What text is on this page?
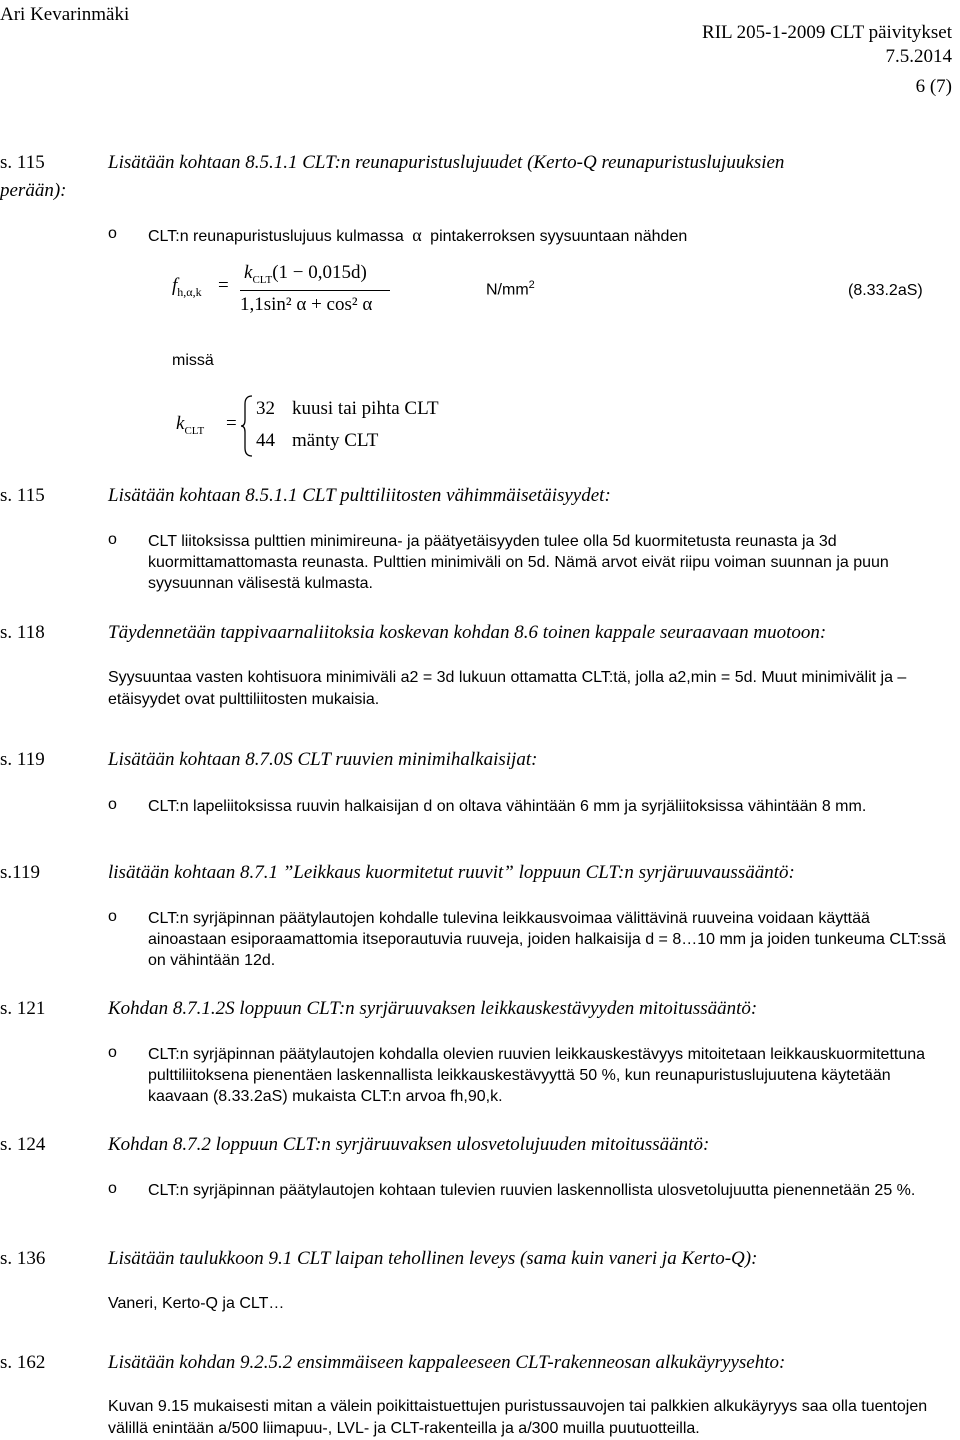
Ari Kevarinmäki
RIL 205-1-2009 CLT päivitykset
7.5.2014
6 (7)
s. 115	Lisätään kohtaan 8.5.1.1 CLT:n reunapuristuslujuudet (Kerto-Q reunapuristuslujuuksien
perään):
o CLT:n reunapuristuslujuus kulmassa α pintakerroksen syysuuntaan nähden
$f_{h,\alpha,k}$ =
$k_{CLT}(1 - 0,015d)$
1,1sin² α + cos² α
$N/mm^2$	(8.33.2aS)
missä
$k_{CLT}$ =
32 kuusi tai pihta CLT
44 mänty CLT
s. 115	Lisätään kohtaan 8.5.1.1 CLT pulttiliitosten vähimmäisetäisyydet:
o CLT liitoksissa pulttien minimireuna- ja päätyetäisyyden tulee olla 5d kuormitetusta reunasta ja 3d kuormittamattomasta reunasta. Pulttien minimiväli on 5d. Nämä arvot eivät riipu voiman suunnan ja puun syysuunnan välisestä kulmasta.
s. 118	Täydennetään tappivaarnaliitoksia koskevan kohdan 8.6 toinen kappale seuraavaan muotoon:
Syysuuntaa vasten kohtisuora minimiväli a2 = 3d lukuun ottamatta CLT:tä, jolla a2,min = 5d. Muut minimivälit ja –etäisyydet ovat pulttiliitosten mukaisia.
s. 119	Lisätään kohtaan 8.7.0S CLT ruuvien minimihalkaisijat:
o CLT:n lapeliitoksissa ruuvin halkaisijan d on oltava vähintään 6 mm ja syrjäliitoksissa vähintään 8 mm.
s.119	lisätään kohtaan 8.7.1 ”Leikkaus kuormitetut ruuvit” loppuun CLT:n syrjäruuvaussääntö:
o CLT:n syrjäpinnan päätylautojen kohdalle tulevina leikkausvoimaa välittävinä ruuveina voidaan käyttää ainoastaan esiporaamattomia itseporautuvia ruuveja, joiden halkaisija d = 8…10 mm ja joiden tunkeuma CLT:ssä on vähintään 12d.
s. 121	Kohdan 8.7.1.2S loppuun CLT:n syrjäruuvaksen leikkauskestävyyden mitoitussääntö:
o CLT:n syrjäpinnan päätylautojen kohdalla olevien ruuvien leikkauskestävyys mitoitetaan leikkauskuormitettuna pulttiliitoksena pienentäen laskennallista leikkauskestävyyttä 50 %, kun reunapuristuslujuutena käytetään kaavaan (8.33.2aS) mukaista CLT:n arvoa fh,90,k.
s. 124	Kohdan 8.7.2 loppuun CLT:n syrjäruuvaksen ulosvetolujuuden mitoitussääntö:
o CLT:n syrjäpinnan päätylautojen kohtaan tulevien ruuvien laskennollista ulosvetolujuutta pienennetään 25 %.
s. 136	Lisätään taulukkoon 9.1 CLT laipan tehollinen leveys (sama kuin vaneri ja Kerto-Q):
Vaneri, Kerto-Q ja CLT…
s. 162	Lisätään kohdan 9.2.5.2 ensimmäiseen kappaleeseen CLT-rakenneosan alkukäyryysehto:
Kuvan 9.15 mukaisesti mitan a välein poikittaistuettujen puristussauvojen tai palkkien alkukäyryys saa olla tuentojen välillä enintään a/500 liimapuu-, LVL- ja CLT-rakenteilla ja a/300 muilla puutuotteilla.
